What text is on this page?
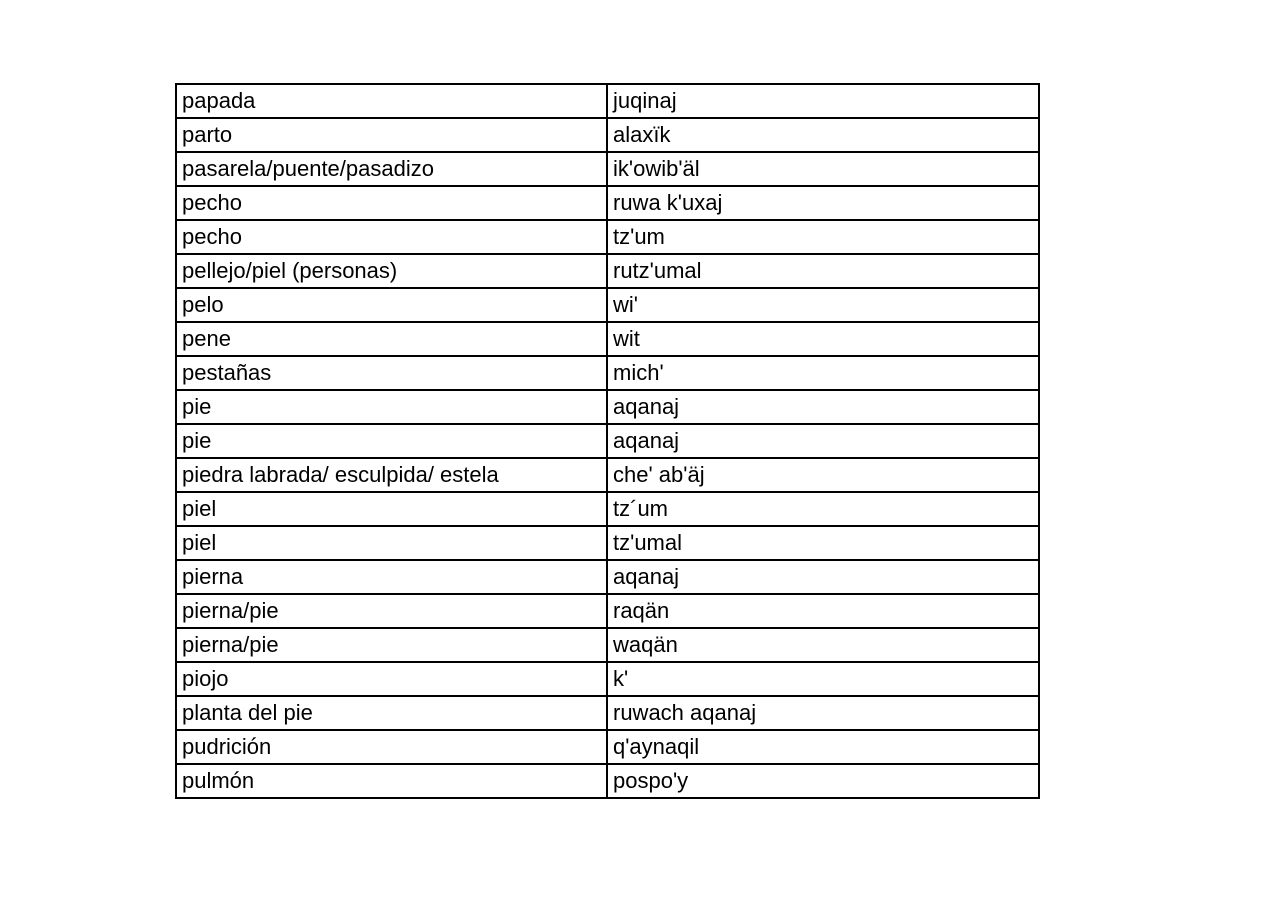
papada	juqinaj
parto	alaxïk
pasarela/puente/pasadizo	ik'owib'äl
pecho	ruwa k'uxaj
pecho	tz'um
pellejo/piel (personas)	rutz'umal
pelo	wi'
pene	wit
pestañas	mich'
pie	aqanaj
pie	aqanaj
piedra labrada/ esculpida/ estela	che' ab'äj
piel	tz´um
piel	tz'umal
pierna	aqanaj
pierna/pie	raqän
pierna/pie	waqän
piojo	k'
planta del pie	ruwach aqanaj
pudrición	q'aynaqil
pulmón	pospo'y
